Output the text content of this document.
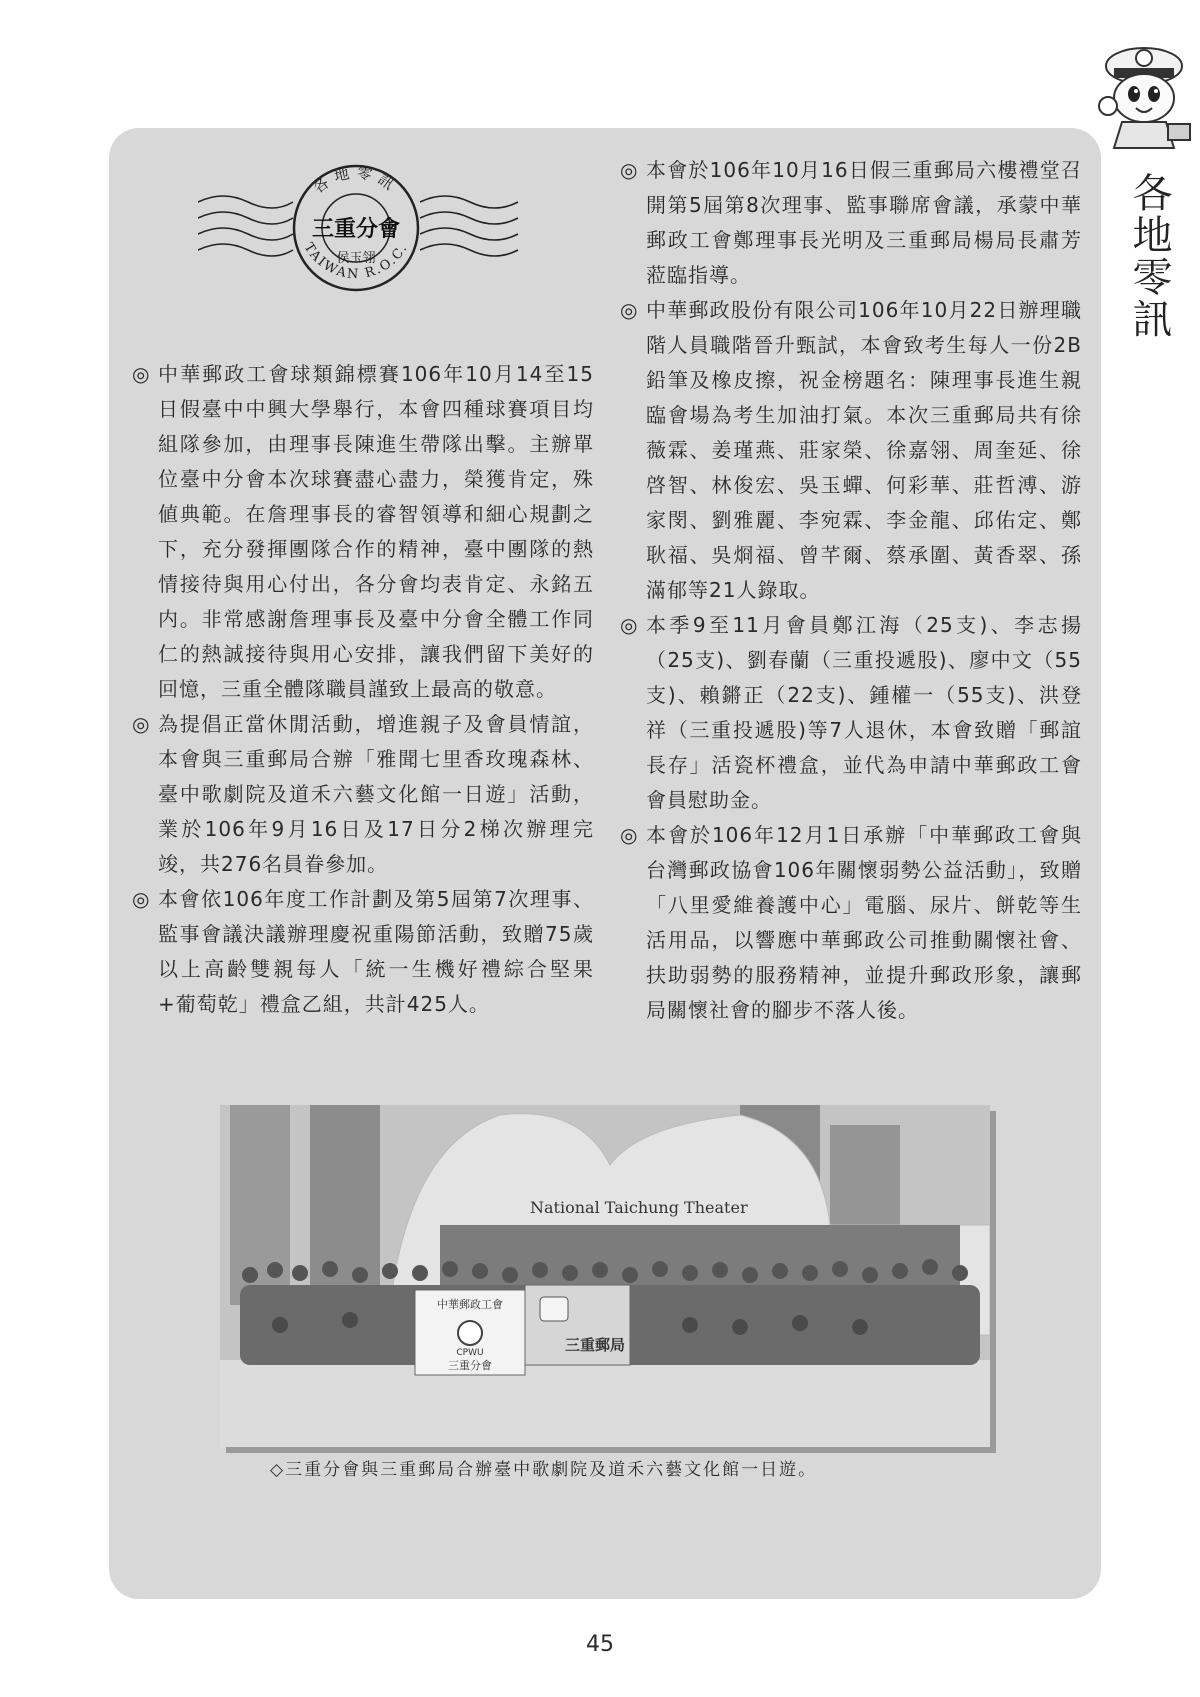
各地零訊
各地零訊
TAIWAN R.O.C.
三重分會
侯玉翎
◎ 中華郵政工會球類錦標賽106年10月14至15日假臺中中興大學舉行，本會四種球賽項目均組隊參加，由理事長陳進生帶隊出擊。主辦單位臺中分會本次球賽盡心盡力，榮獲肯定，殊値典範。在詹理事長的睿智領導和細心規劃之下，充分發揮團隊合作的精神，臺中團隊的熱情接待與用心付出，各分會均表肯定、永銘五内。非常感謝詹理事長及臺中分會全體工作同仁的熱誠接待與用心安排，讓我們留下美好的回憶，三重全體隊職員謹致上最高的敬意。
◎ 為提倡正當休閒活動，增進親子及會員情誼，本會與三重郵局合辦「雅聞七里香玫瑰森林、臺中歌劇院及道禾六藝文化館一日遊」活動，業於106年9月16日及17日分2梯次辦理完竣，共276名員眷參加。
◎ 本會依106年度工作計劃及第5屆第7次理事、監事會議決議辦理慶祝重陽節活動，致贈75歲以上高齡雙親每人「統一生機好禮綜合堅果+葡萄乾」禮盒乙組，共計425人。
◎ 本會於106年10月16日假三重郵局六樓禮堂召開第5屆第8次理事、監事聯席會議，承蒙中華郵政工會鄭理事長光明及三重郵局楊局長肅芳蒞臨指導。
◎ 中華郵政股份有限公司106年10月22日辦理職階人員職階晉升甄試，本會致考生每人一份2B鉛筆及橡皮擦，祝金榜題名：陳理事長進生親臨會場為考生加油打氣。本次三重郵局共有徐薇霖、姜瑾燕、莊家榮、徐嘉翎、周奎延、徐啓智、林俊宏、吳玉蟬、何彩華、莊哲溥、游家閔、劉雅麗、李宛霖、李金龍、邱佑定、鄭耿福、吳烱福、曾芊爾、蔡承圍、黃香翠、孫滿郁等21人錄取。
◎ 本季9至11月會員鄭江海（25支)、李志揚（25支)、劉春蘭（三重投遞股)、廖中文（55支)、賴鏘正（22支)、鍾權一（55支)、洪登祥（三重投遞股)等7人退休，本會致贈「郵誼長存」活瓷杯禮盒，並代為申請中華郵政工會會員慰助金。
◎ 本會於106年12月1日承辦「中華郵政工會與台灣郵政協會106年關懷弱勢公益活動」，致贈「八里愛維養護中心」電腦、尿片、餅乾等生活用品，以響應中華郵政公司推動關懷社會、扶助弱勢的服務精神，並提升郵政形象，讓郵局關懷社會的腳步不落人後。
National Taichung Theater
中華郵政工會
CPWU
三重分會
三重郵局
◇三重分會與三重郵局合辦臺中歌劇院及道禾六藝文化館一日遊。
45
